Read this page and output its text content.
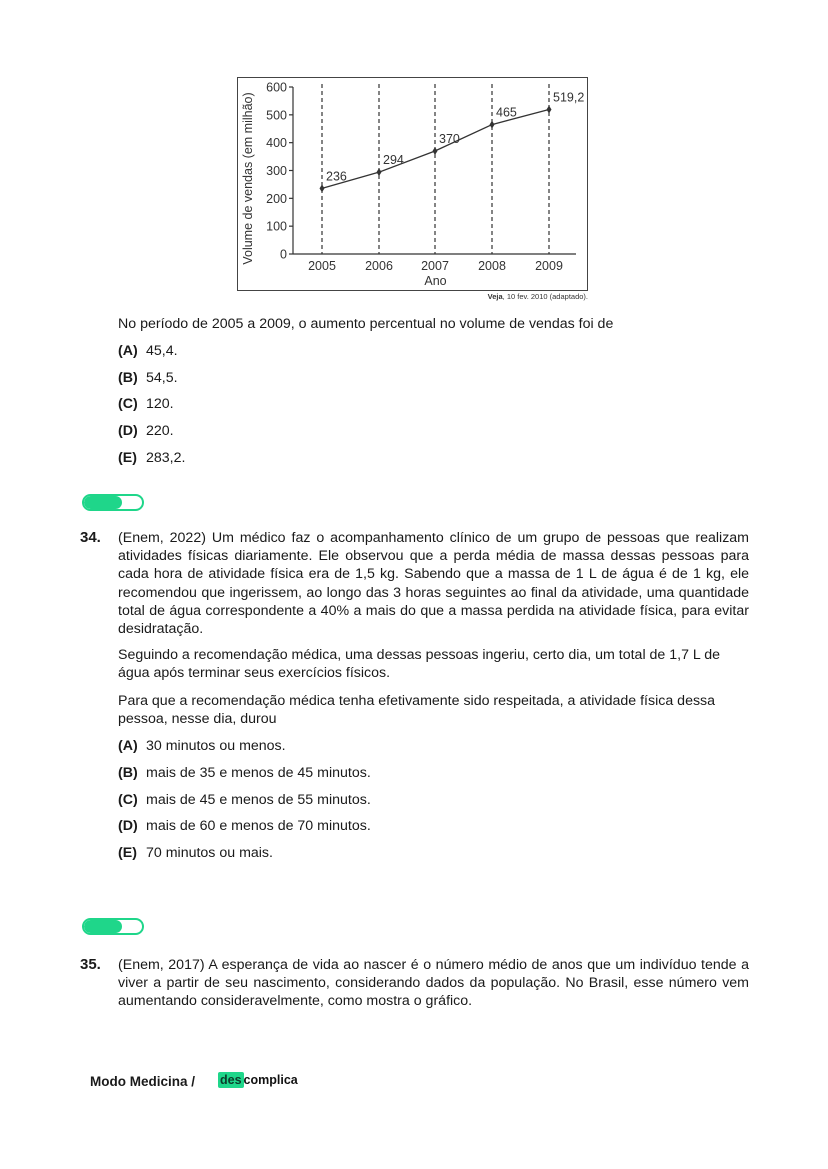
0
100
200
300
400
500
600
2005 2006 2007 2008 2009
236
294
370
465
519,2
Ano
Volume de vendas (em milhão)
Veja, 10 fev. 2010 (adaptado).
No período de 2005 a 2009, o aumento percentual no volume de vendas foi de
(A) 45,4.
(B) 54,5.
(C) 120.
(D) 220.
(E) 283,2.
34. (Enem, 2022) Um médico faz o acompanhamento clínico de um grupo de pessoas que realizam atividades físicas diariamente. Ele observou que a perda média de massa dessas pessoas para cada hora de atividade física era de 1,5 kg. Sabendo que a massa de 1 L de água é de 1 kg, ele recomendou que ingerissem, ao longo das 3 horas seguintes ao final da atividade, uma quantidade total de água correspondente a 40% a mais do que a massa perdida na atividade física, para evitar desidratação.
Seguindo a recomendação médica, uma dessas pessoas ingeriu, certo dia, um total de 1,7 L de água após terminar seus exercícios físicos.
Para que a recomendação médica tenha efetivamente sido respeitada, a atividade física dessa pessoa, nesse dia, durou
(A) 30 minutos ou menos.
(B) mais de 35 e menos de 45 minutos.
(C) mais de 45 e menos de 55 minutos.
(D) mais de 60 e menos de 70 minutos.
(E) 70 minutos ou mais.
35. (Enem, 2017) A esperança de vida ao nascer é o número médio de anos que um indivíduo tende a viver a partir de seu nascimento, considerando dados da população. No Brasil, esse número vem aumentando consideravelmente, como mostra o gráfico.
Modo Medicina / des complica
